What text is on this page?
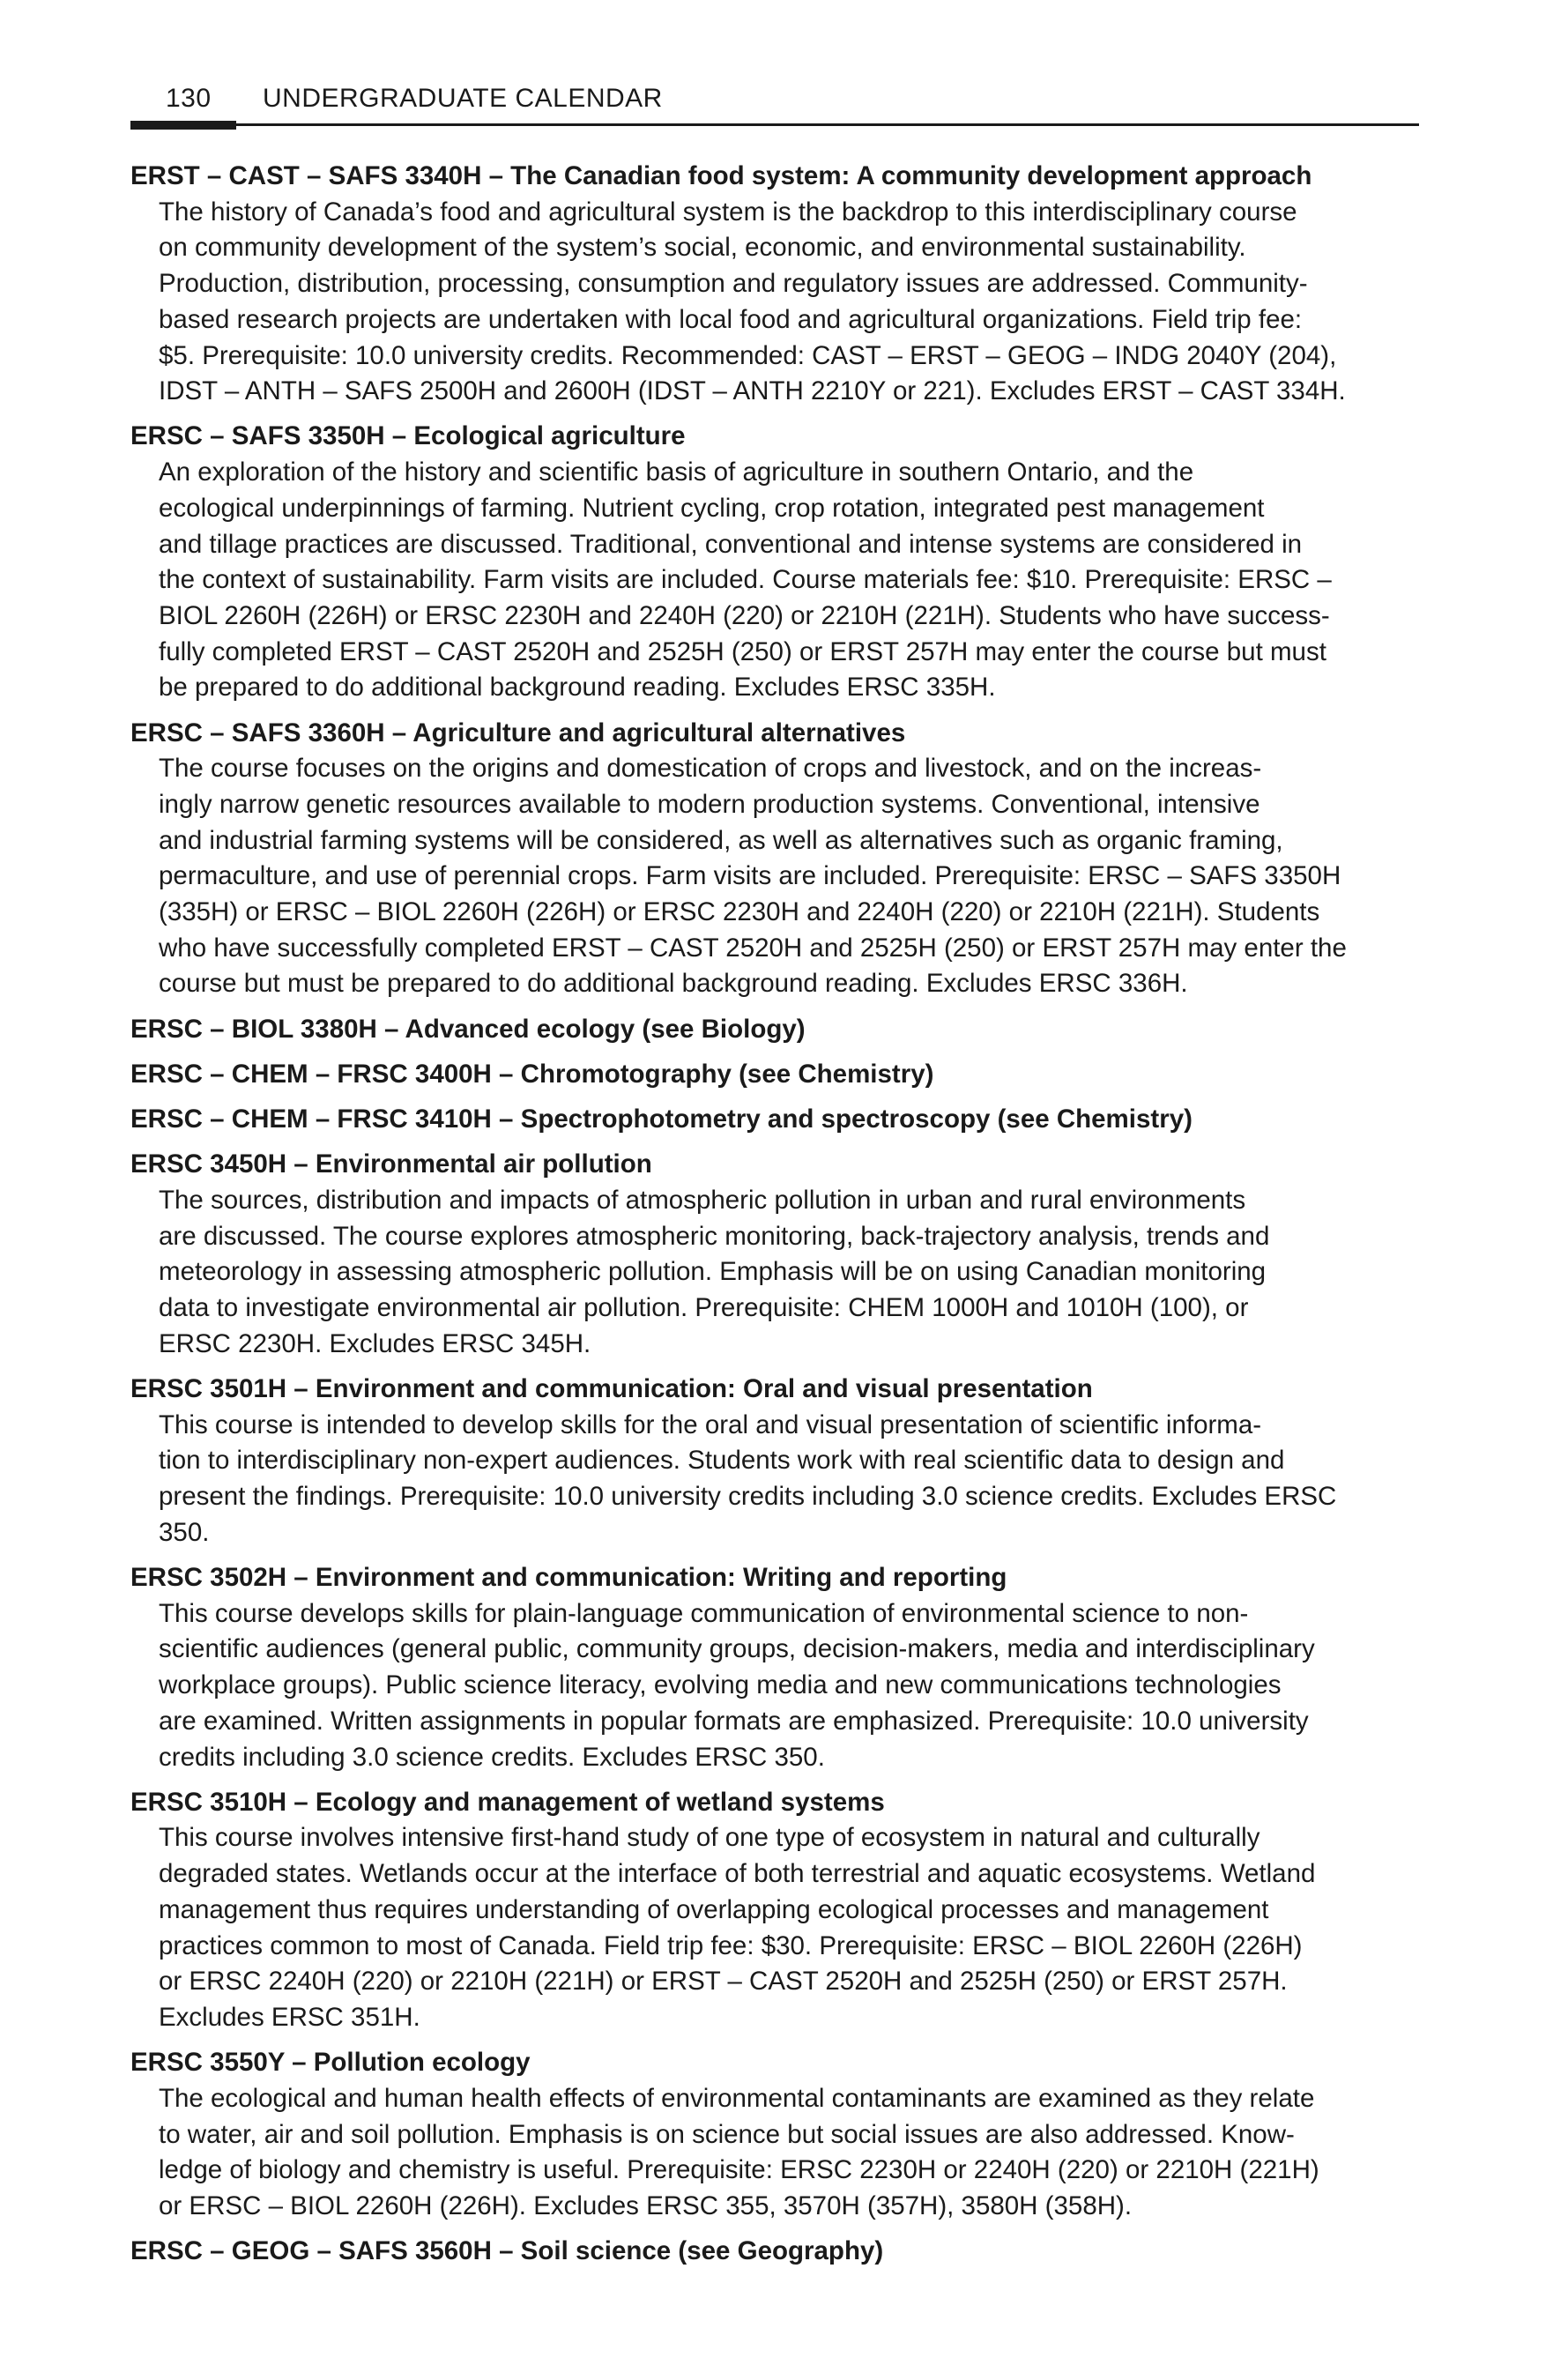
130 UNDERGRADUATE CALENDAR
ERST – CAST – SAFS 3340H – The Canadian food system: A community development approach
The history of Canada’s food and agricultural system is the backdrop to this interdisciplinary course
on community development of the system’s social, economic, and environmental sustainability.
Production, distribution, processing, consumption and regulatory issues are addressed. Community-
based research projects are undertaken with local food and agricultural organizations. Field trip fee:
$5. Prerequisite: 10.0 university credits. Recommended: CAST – ERST – GEOG – INDG 2040Y (204),
IDST – ANTH – SAFS 2500H and 2600H (IDST – ANTH 2210Y or 221). Excludes ERST – CAST 334H.
ERSC – SAFS 3350H – Ecological agriculture
An exploration of the history and scientific basis of agriculture in southern Ontario, and the
ecological underpinnings of farming. Nutrient cycling, crop rotation, integrated pest management
and tillage practices are discussed. Traditional, conventional and intense systems are considered in
the context of sustainability. Farm visits are included. Course materials fee: $10. Prerequisite: ERSC –
BIOL 2260H (226H) or ERSC 2230H and 2240H (220) or 2210H (221H). Students who have success-
fully completed ERST – CAST 2520H and 2525H (250) or ERST 257H may enter the course but must
be prepared to do additional background reading. Excludes ERSC 335H.
ERSC – SAFS 3360H – Agriculture and agricultural alternatives
The course focuses on the origins and domestication of crops and livestock, and on the increas-
ingly narrow genetic resources available to modern production systems. Conventional, intensive
and industrial farming systems will be considered, as well as alternatives such as organic framing,
permaculture, and use of perennial crops. Farm visits are included. Prerequisite: ERSC – SAFS 3350H
(335H) or ERSC – BIOL 2260H (226H) or ERSC 2230H and 2240H (220) or 2210H (221H). Students
who have successfully completed ERST – CAST 2520H and 2525H (250) or ERST 257H may enter the
course but must be prepared to do additional background reading. Excludes ERSC 336H.
ERSC – BIOL 3380H – Advanced ecology (see Biology)
ERSC – CHEM – FRSC 3400H – Chromotography (see Chemistry)
ERSC – CHEM – FRSC 3410H – Spectrophotometry and spectroscopy (see Chemistry)
ERSC 3450H – Environmental air pollution
The sources, distribution and impacts of atmospheric pollution in urban and rural environments
are discussed. The course explores atmospheric monitoring, back-trajectory analysis, trends and
meteorology in assessing atmospheric pollution. Emphasis will be on using Canadian monitoring
data to investigate environmental air pollution. Prerequisite: CHEM 1000H and 1010H (100), or
ERSC 2230H. Excludes ERSC 345H.
ERSC 3501H – Environment and communication: Oral and visual presentation
This course is intended to develop skills for the oral and visual presentation of scientific informa-
tion to interdisciplinary non-expert audiences. Students work with real scientific data to design and
present the findings. Prerequisite: 10.0 university credits including 3.0 science credits. Excludes ERSC
350.
ERSC 3502H – Environment and communication: Writing and reporting
This course develops skills for plain-language communication of environmental science to non-
scientific audiences (general public, community groups, decision-makers, media and interdisciplinary
workplace groups). Public science literacy, evolving media and new communications technologies
are examined. Written assignments in popular formats are emphasized. Prerequisite: 10.0 university
credits including 3.0 science credits. Excludes ERSC 350.
ERSC 3510H – Ecology and management of wetland systems
This course involves intensive first-hand study of one type of ecosystem in natural and culturally
degraded states. Wetlands occur at the interface of both terrestrial and aquatic ecosystems. Wetland
management thus requires understanding of overlapping ecological processes and management
practices common to most of Canada. Field trip fee: $30. Prerequisite: ERSC – BIOL 2260H (226H)
or ERSC 2240H (220) or 2210H (221H) or ERST – CAST 2520H and 2525H (250) or ERST 257H.
Excludes ERSC 351H.
ERSC 3550Y – Pollution ecology
The ecological and human health effects of environmental contaminants are examined as they relate
to water, air and soil pollution. Emphasis is on science but social issues are also addressed. Know-
ledge of biology and chemistry is useful. Prerequisite: ERSC 2230H or 2240H (220) or 2210H (221H)
or ERSC – BIOL 2260H (226H). Excludes ERSC 355, 3570H (357H), 3580H (358H).
ERSC – GEOG – SAFS 3560H – Soil science (see Geography)
